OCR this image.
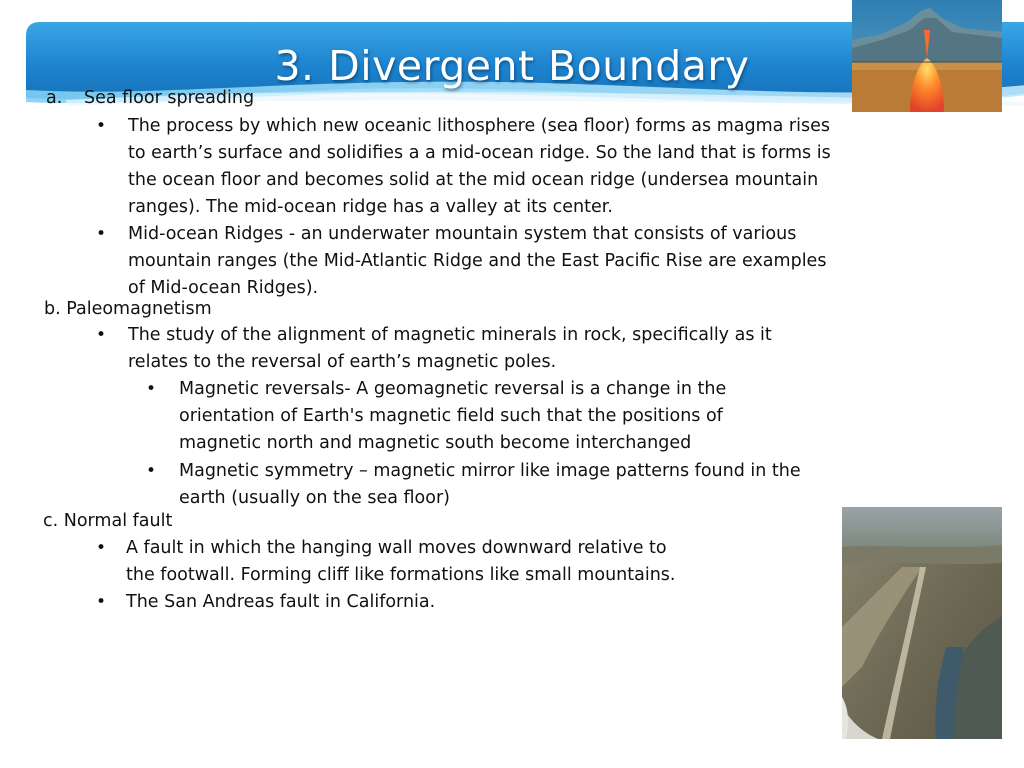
3. Divergent Boundary
a. Sea floor spreading
• The process by which new oceanic lithosphere (sea floor) forms as magma rises
to earth’s surface and solidifies a a mid-ocean ridge. So the land that is forms is
the ocean floor and becomes solid at the mid ocean ridge (undersea mountain
ranges). The mid-ocean ridge has a valley at its center.
• Mid-ocean Ridges - an underwater mountain system that consists of various
mountain ranges (the Mid-Atlantic Ridge and the East Pacific Rise are examples
of Mid-ocean Ridges).
b. Paleomagnetism
• The study of the alignment of magnetic minerals in rock, specifically as it
relates to the reversal of earth’s magnetic poles.
• Magnetic reversals- A geomagnetic reversal is a change in the
orientation of Earth's magnetic field such that the positions of
magnetic north and magnetic south become interchanged
• Magnetic symmetry – magnetic mirror like image patterns found in the
earth (usually on the sea floor)
c. Normal fault
• A fault in which the hanging wall moves downward relative to
the footwall. Forming cliff like formations like small mountains.
• The San Andreas fault in California.
